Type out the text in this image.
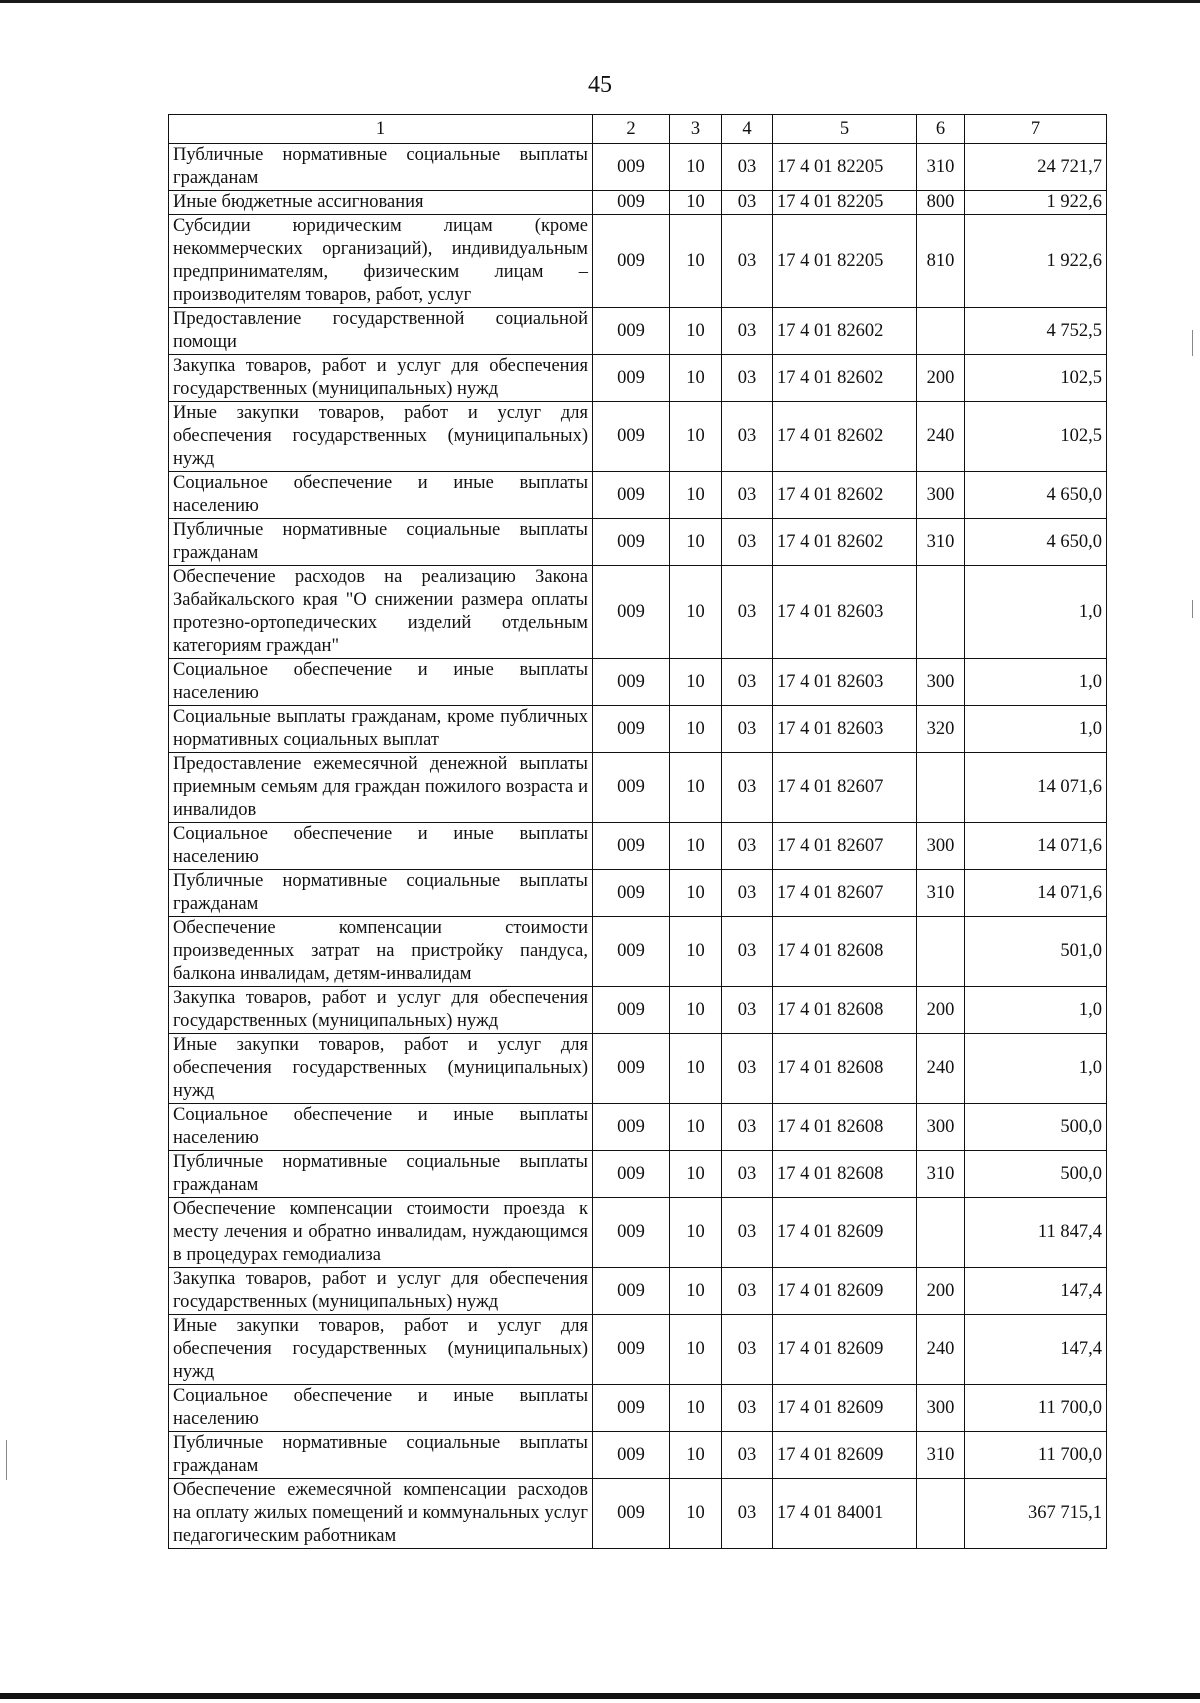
45
1	2	3	4	5	6	7
Публичные нормативные социальные выплаты гражданам	009	10	03	17 4 01 82205	310	24 721,7
Иные бюджетные ассигнования	009	10	03	17 4 01 82205	800	1 922,6
Субсидии юридическим лицам (кроме некоммерческих организаций), индивидуальным предпринимателям, физическим лицам – производителям товаров, работ, услуг	009	10	03	17 4 01 82205	810	1 922,6
Предоставление государственной социальной помощи	009	10	03	17 4 01 82602		4 752,5
Закупка товаров, работ и услуг для обеспечения государственных (муниципальных) нужд	009	10	03	17 4 01 82602	200	102,5
Иные закупки товаров, работ и услуг для обеспечения государственных (муниципальных) нужд	009	10	03	17 4 01 82602	240	102,5
Социальное обеспечение и иные выплаты населению	009	10	03	17 4 01 82602	300	4 650,0
Публичные нормативные социальные выплаты гражданам	009	10	03	17 4 01 82602	310	4 650,0
Обеспечение расходов на реализацию Закона Забайкальского края "О снижении размера оплаты протезно-ортопедических изделий отдельным категориям граждан"	009	10	03	17 4 01 82603		1,0
Социальное обеспечение и иные выплаты населению	009	10	03	17 4 01 82603	300	1,0
Социальные выплаты гражданам, кроме публичных нормативных социальных выплат	009	10	03	17 4 01 82603	320	1,0
Предоставление ежемесячной денежной выплаты приемным семьям для граждан пожилого возраста и инвалидов	009	10	03	17 4 01 82607		14 071,6
Социальное обеспечение и иные выплаты населению	009	10	03	17 4 01 82607	300	14 071,6
Публичные нормативные социальные выплаты гражданам	009	10	03	17 4 01 82607	310	14 071,6
Обеспечение компенсации стоимости произведенных затрат на пристройку пандуса, балкона инвалидам, детям-инвалидам	009	10	03	17 4 01 82608		501,0
Закупка товаров, работ и услуг для обеспечения государственных (муниципальных) нужд	009	10	03	17 4 01 82608	200	1,0
Иные закупки товаров, работ и услуг для обеспечения государственных (муниципальных) нужд	009	10	03	17 4 01 82608	240	1,0
Социальное обеспечение и иные выплаты населению	009	10	03	17 4 01 82608	300	500,0
Публичные нормативные социальные выплаты гражданам	009	10	03	17 4 01 82608	310	500,0
Обеспечение компенсации стоимости проезда к месту лечения и обратно инвалидам, нуждающимся в процедурах гемодиализа	009	10	03	17 4 01 82609		11 847,4
Закупка товаров, работ и услуг для обеспечения государственных (муниципальных) нужд	009	10	03	17 4 01 82609	200	147,4
Иные закупки товаров, работ и услуг для обеспечения государственных (муниципальных) нужд	009	10	03	17 4 01 82609	240	147,4
Социальное обеспечение и иные выплаты населению	009	10	03	17 4 01 82609	300	11 700,0
Публичные нормативные социальные выплаты гражданам	009	10	03	17 4 01 82609	310	11 700,0
Обеспечение ежемесячной компенсации расходов на оплату жилых помещений и коммунальных услуг педагогическим работникам	009	10	03	17 4 01 84001		367 715,1
